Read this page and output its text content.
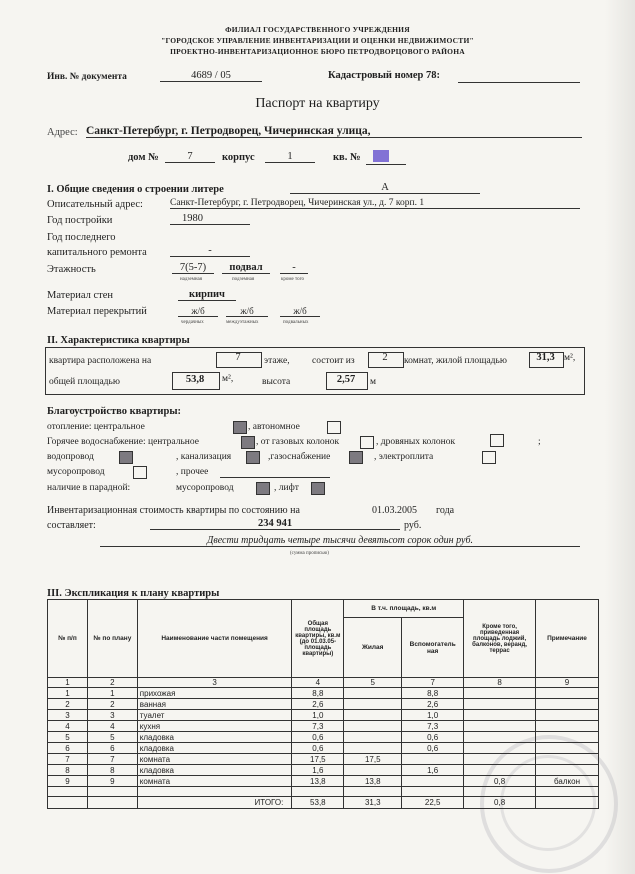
ФИЛИАЛ ГОСУДАРСТВЕННОГО УЧРЕЖДЕНИЯ
"ГОРОДСКОЕ УПРАВЛЕНИЕ ИНВЕНТАРИЗАЦИИ И ОЦЕНКИ НЕДВИЖИМОСТИ"
ПРОЕКТНО-ИНВЕНТАРИЗАЦИОННОЕ БЮРО ПЕТРОДВОРЦОВОГО РАЙОНА
Инв. № документа	4689 / 05	Кадастровый номер 78:
Паспорт на квартиру
Адрес: Санкт-Петербург, г. Петродворец, Чичеринская улица,
дом №	7	корпус	1	кв. №
I. Общие сведения о строении литере	А
Описательный адрес:	Санкт-Петербург, г. Петродворец, Чичеринская ул., д. 7 корп. 1
Год постройки	1980
Год последнего
капитального ремонта	-
Этажность	7(5-7)
надземная
подвал
подземная
-
кроме того
Материал стен	кирпич
Материал перекрытий	ж/б
чердачных
ж/б
междуэтажных
ж/б
подвальных
II. Характеристика квартиры
квартира расположена на	7	этаже, состоит из	2	комнат, жилой площадью	31,3 м²,
общей площадью	53,8	м²,	высота	2,57	м
Благоустройство квартиры:
отопление: центральное	, автономное
Горячее водоснабжение: центральное	, от газовых колонок	, дровяных колонок	;
водопровод	, канализация	,газоснабжение	, электроплита
мусоропровод	, прочее
наличие в парадной:	мусоропровод	, лифт
Инвентаризационная стоимость квартиры по состоянию на	01.03.2005 года
составляет:	234 941	руб.
Двести тридцать четыре тысячи девятьсот сорок один руб.
(сумма прописью)
III. Экспликация к плану квартиры
№ п/п	№ по плану	Наименование части помещения	Общая площадь квартиры, кв.м (до 01.03.05- площадь квартиры)	В т.ч. площадь, кв.м		Кроме того, приведенная площадь лоджий, балконов, веранд, террас	Примечание
				Жилая	Вспомогатель ная		
1	2	3	4	5	7	8	9
1	1	прихожая	8,8		8,8		
2	2	ванная	2,6		2,6		
3	3	туалет	1,0		1,0		
4	4	кухня	7,3		7,3		
5	5	кладовка	0,6		0,6		
6	6	кладовка	0,6		0,6		
7	7	комната	17,5	17,5			
8	8	кладовка	1,6		1,6		
9	9	комната	13,8	13,8		0,8	балкон

		ИТОГО:	53,8	31,3	22,5	0,8	
